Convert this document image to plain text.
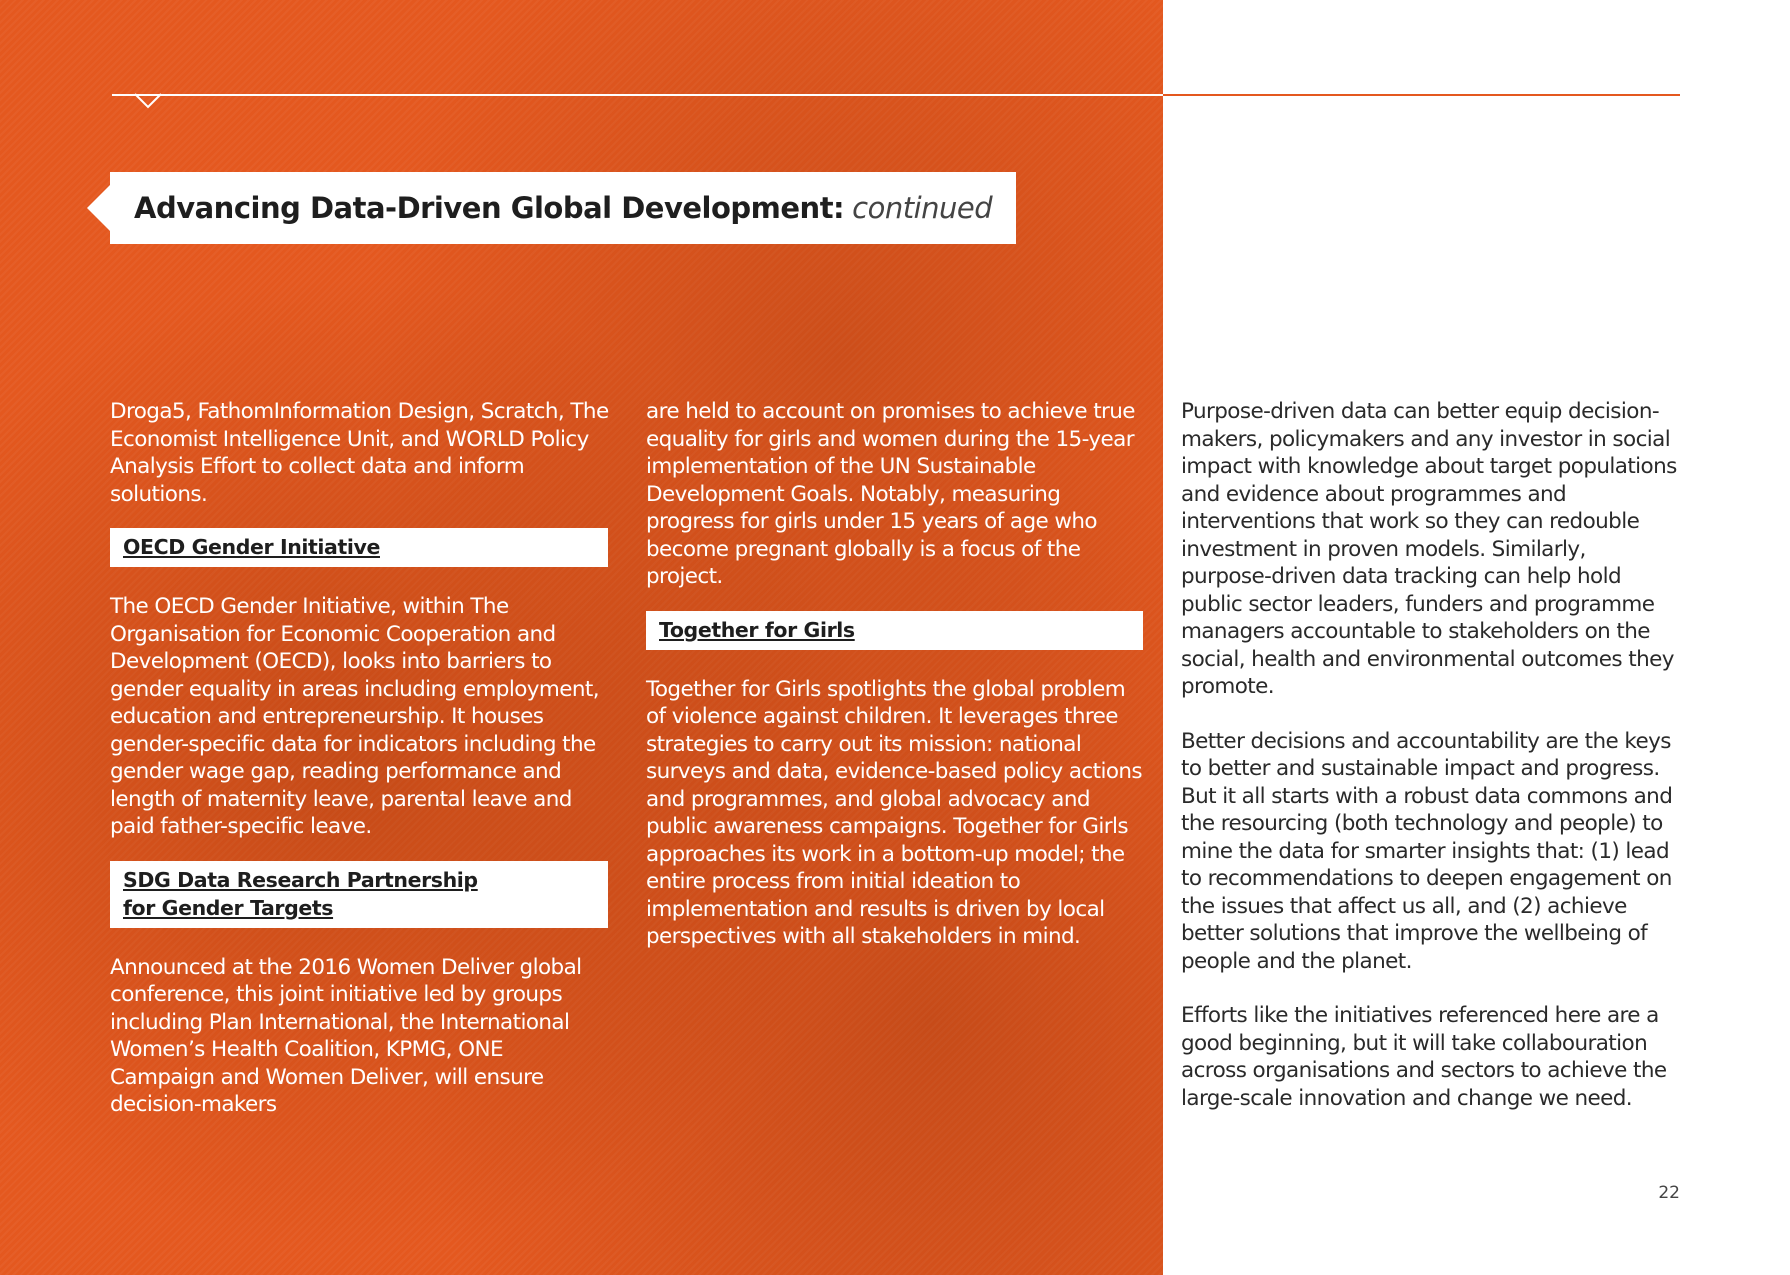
Advancing Data-Driven Global Development: continued

Droga5, FathomInformation Design, Scratch, The Economist Intelligence Unit, and WORLD Policy Analysis Effort to collect data and inform solutions.

OECD Gender Initiative

The OECD Gender Initiative, within The Organisation for Economic Cooperation and Development (OECD), looks into barriers to gender equality in areas including employment, education and entrepreneurship. It houses gender-specific data for indicators including the gender wage gap, reading performance and length of maternity leave, parental leave and paid father-specific leave.

SDG Data Research Partnership
for Gender Targets

Announced at the 2016 Women Deliver global conference, this joint initiative led by groups including Plan International, the International Women’s Health Coalition, KPMG, ONE Campaign and Women Deliver, will ensure decision-makers

are held to account on promises to achieve true equality for girls and women during the 15-year implementation of the UN Sustainable Development Goals. Notably, measuring progress for girls under 15 years of age who become pregnant globally is a focus of the project.

Together for Girls

Together for Girls spotlights the global problem of violence against children. It leverages three strategies to carry out its mission: national surveys and data, evidence-based policy actions and programmes, and global advocacy and public awareness campaigns. Together for Girls approaches its work in a bottom-up model; the entire process from initial ideation to implementation and results is driven by local perspectives with all stakeholders in mind.

Purpose-driven data can better equip decision-makers, policymakers and any investor in social impact with knowledge about target populations and evidence about programmes and interventions that work so they can redouble investment in proven models. Similarly, purpose-driven data tracking can help hold public sector leaders, funders and programme managers accountable to stakeholders on the social, health and environmental outcomes they promote.

Better decisions and accountability are the keys to better and sustainable impact and progress. But it all starts with a robust data commons and the resourcing (both technology and people) to mine the data for smarter insights that: (1) lead to recommendations to deepen engagement on the issues that affect us all, and (2) achieve better solutions that improve the wellbeing of people and the planet.

Efforts like the initiatives referenced here are a good beginning, but it will take collabouration across organisations and sectors to achieve the large-scale innovation and change we need.

22
